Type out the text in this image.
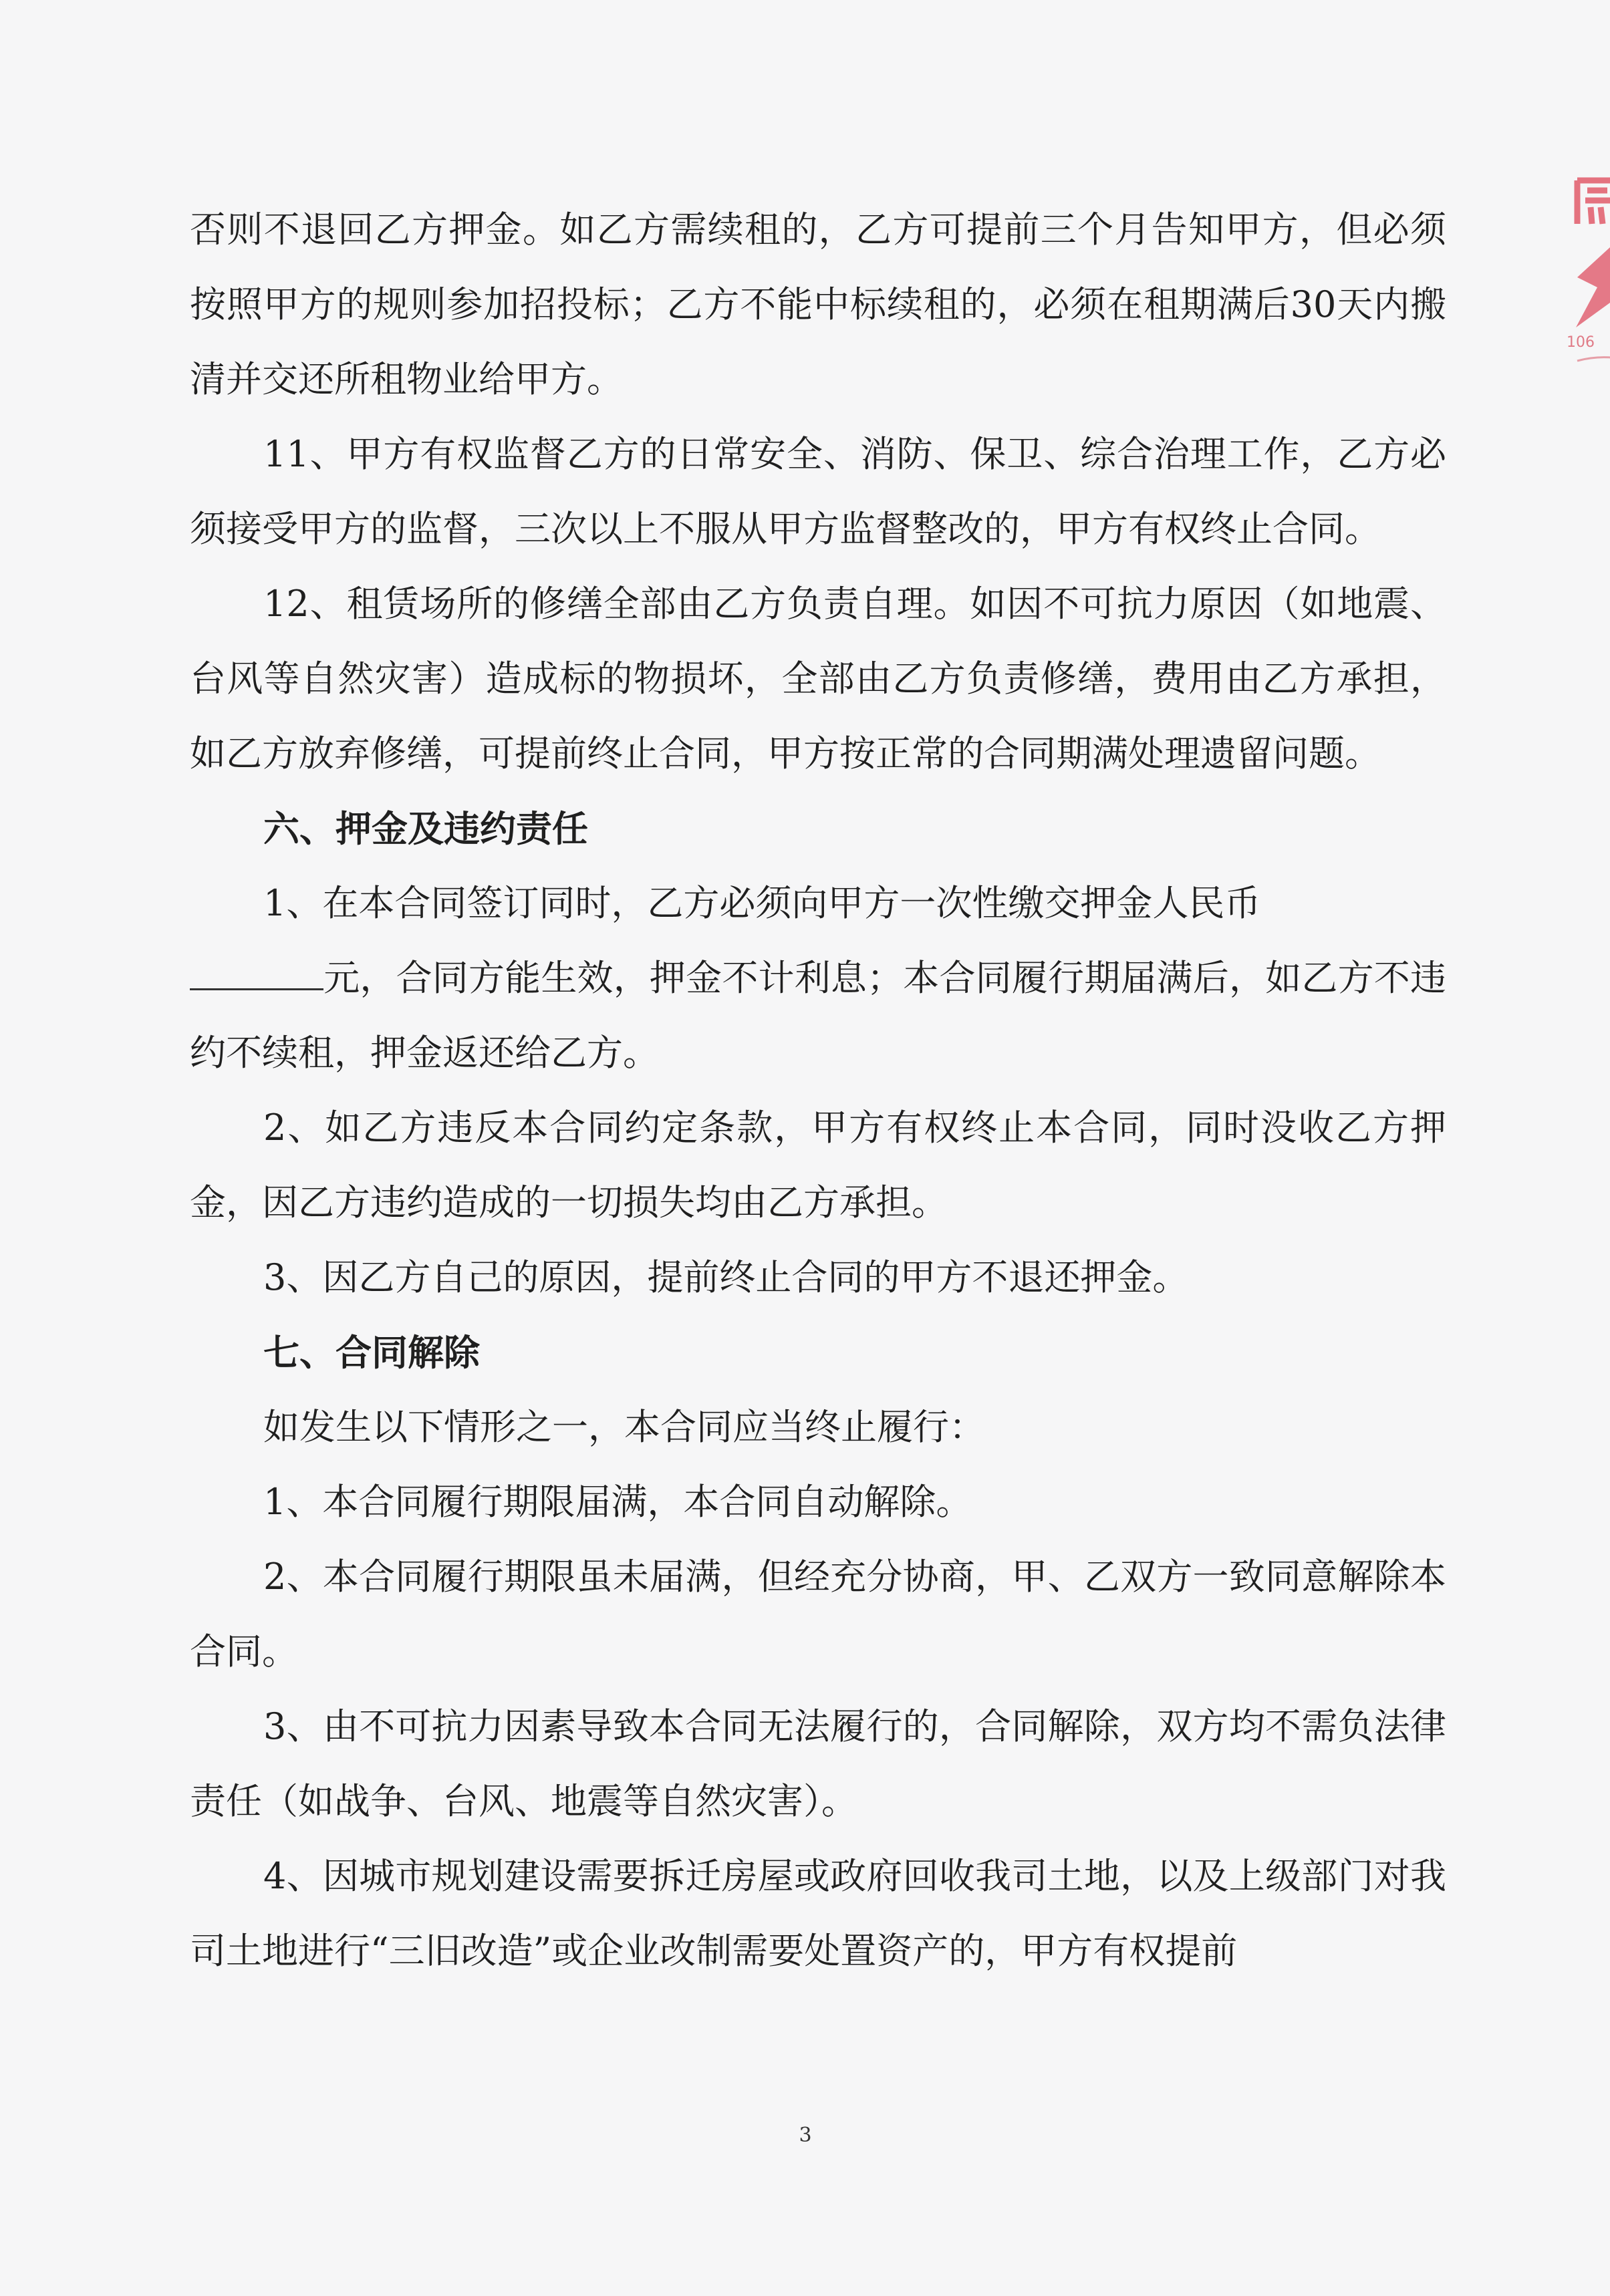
106

否则不退回乙方押金。如乙方需续租的，乙方可提前三个月告知甲方，但必须按照甲方的规则参加招投标；乙方不能中标续租的，必须在租期满后30天内搬清并交还所租物业给甲方。

11、甲方有权监督乙方的日常安全、消防、保卫、综合治理工作，乙方必须接受甲方的监督，三次以上不服从甲方监督整改的，甲方有权终止合同。

12、租赁场所的修缮全部由乙方负责自理。如因不可抗力原因（如地震、台风等自然灾害）造成标的物损坏，全部由乙方负责修缮，费用由乙方承担，如乙方放弃修缮，可提前终止合同，甲方按正常的合同期满处理遗留问题。

六、押金及违约责任

1、在本合同签订同时，乙方必须向甲方一次性缴交押金人民币

元，合同方能生效，押金不计利息；本合同履行期届满后，如乙方不违约不续租，押金返还给乙方。

2、如乙方违反本合同约定条款，甲方有权终止本合同，同时没收乙方押金，因乙方违约造成的一切损失均由乙方承担。

3、因乙方自己的原因，提前终止合同的甲方不退还押金。

七、合同解除

如发生以下情形之一，本合同应当终止履行：

1、本合同履行期限届满，本合同自动解除。

2、本合同履行期限虽未届满，但经充分协商，甲、乙双方一致同意解除本合同。

3、由不可抗力因素导致本合同无法履行的，合同解除，双方均不需负法律责任（如战争、台风、地震等自然灾害）。

4、因城市规划建设需要拆迁房屋或政府回收我司土地，以及上级部门对我司土地进行“三旧改造”或企业改制需要处置资产的，甲方有权提前

3
